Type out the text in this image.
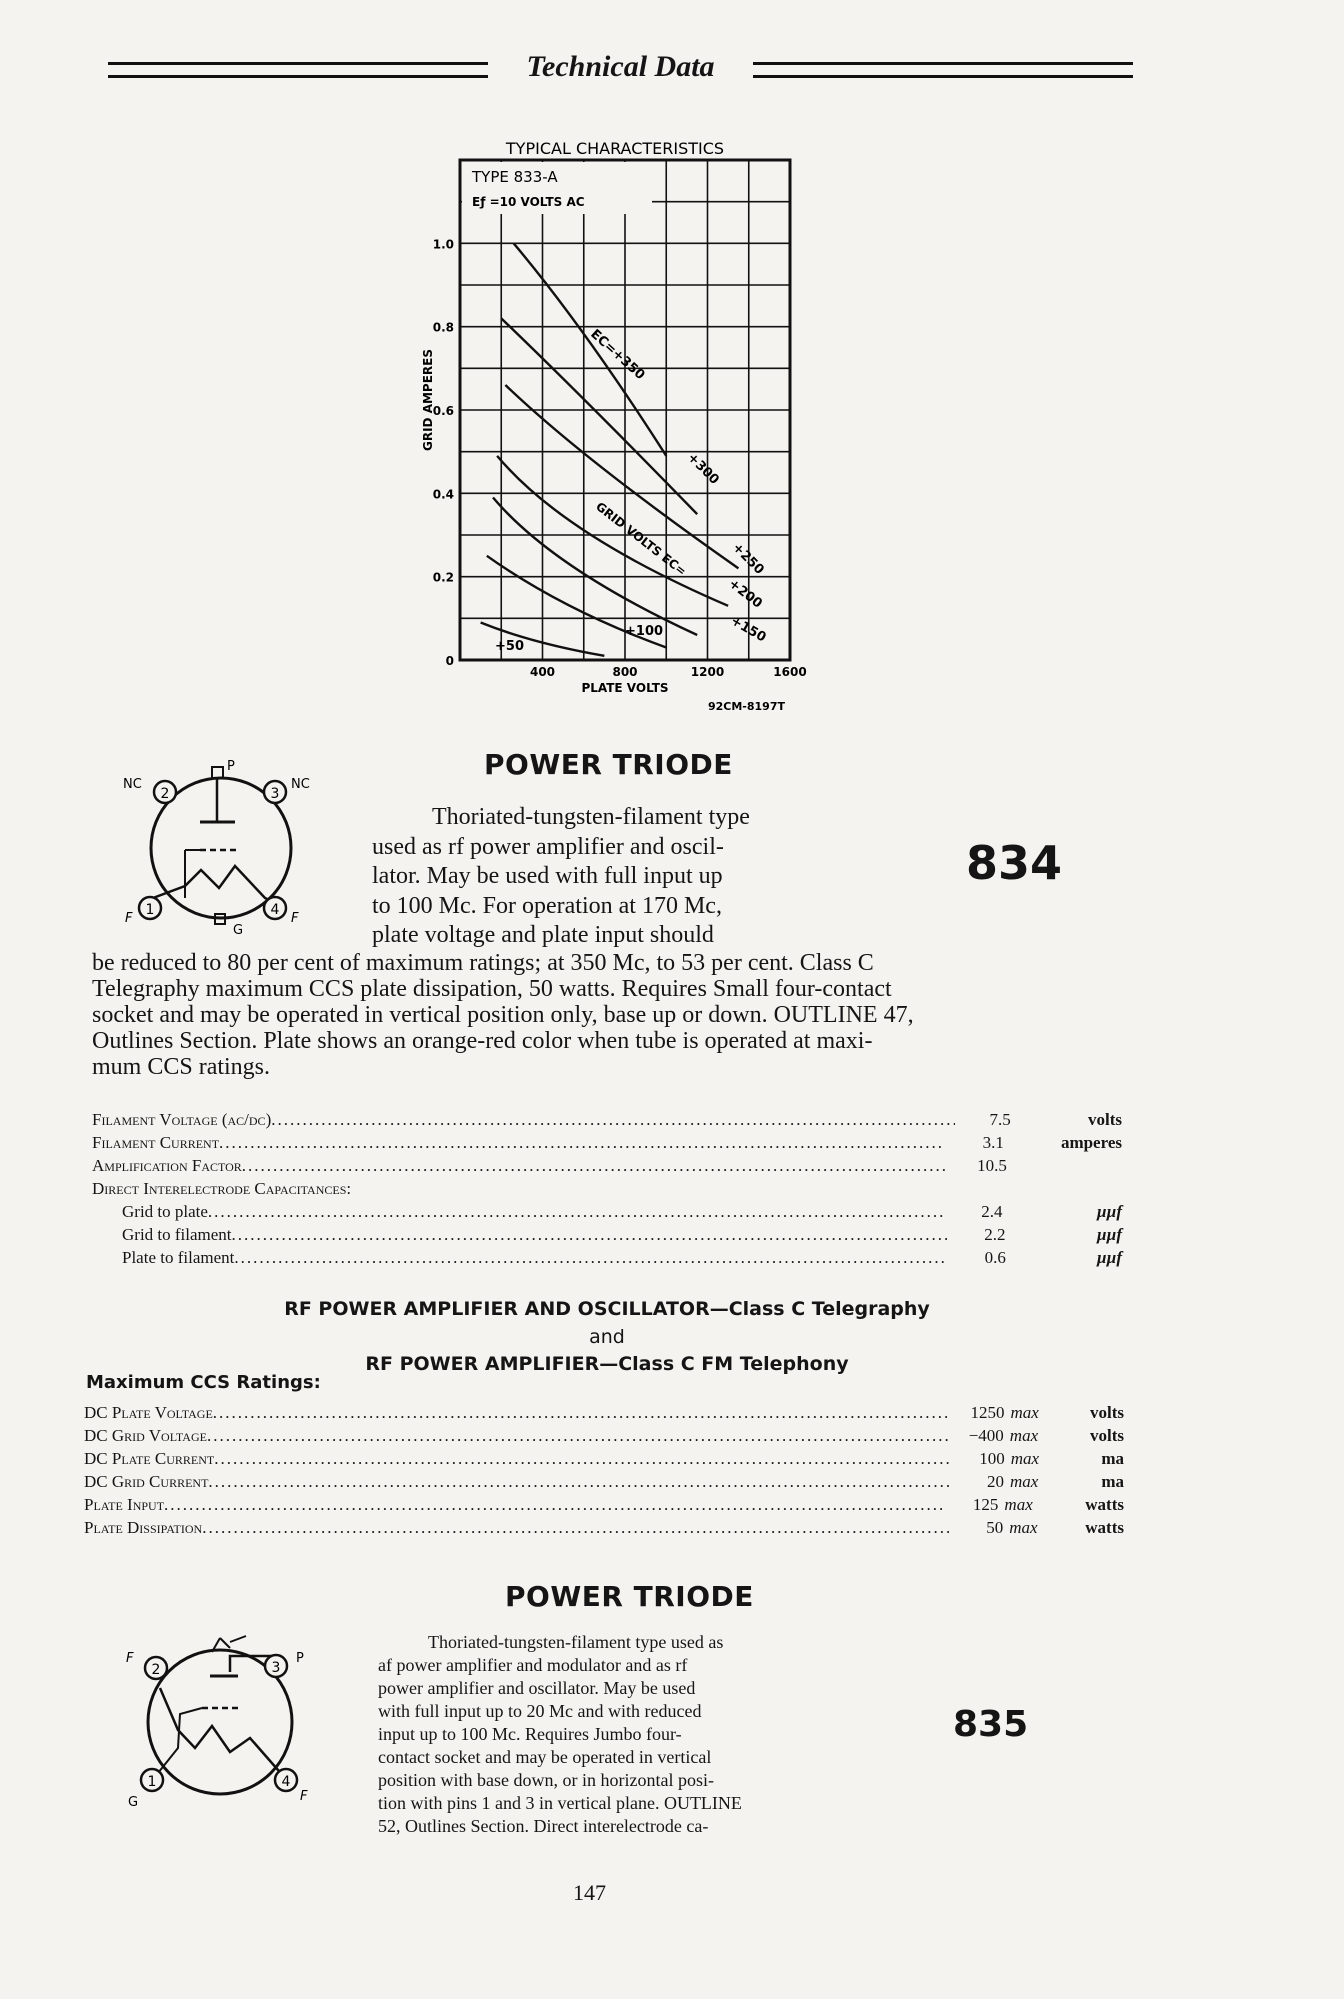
Technical Data
TYPICAL CHARACTERISTICS
TYPE 833-A
Eƒ =10 VOLTS AC
0
0.2
0.4
0.6
0.8
1.0
400	800	1200	1600
PLATE VOLTS
92CM-8197T
GRID AMPERES	EC=+350
+300
+250
+200
+150
+100
+50
GRID VOLTS EC=
POWER TRIODE
2	3
1	4
NC	NC
P
F	F
G
834
Thoriated-tungsten-filament type
used as rf power amplifier and oscil-
lator. May be used with full input up
to 100 Mc. For operation at 170 Mc,
plate voltage and plate input should
be reduced to 80 per cent of maximum ratings; at 350 Mc, to 53 per cent. Class C
Telegraphy maximum CCS plate dissipation, 50 watts. Requires Small four-contact
socket and may be operated in vertical position only, base up or down. OUTLINE 47,
Outlines Section. Plate shows an orange-red color when tube is operated at maxi-
mum CCS ratings.
Filament Voltage (ac/dc) .....	7.5	volts
Filament Current .....	3.1	amperes
Amplification Factor .....	10.5
Direct Interelectrode Capacitances:
Grid to plate .....	2.4	µµf
Grid to filament .....	2.2	µµf
Plate to filament .....	0.6	µµf
RF POWER AMPLIFIER AND OSCILLATOR—Class C Telegraphy
and
RF POWER AMPLIFIER—Class C FM Telephony
Maximum CCS Ratings:
DC Plate Voltage .....	1250 max	volts
DC Grid Voltage .....	−400 max	volts
DC Plate Current .....	100 max	ma
DC Grid Current .....	20 max	ma
Plate Input .....	125 max	watts
Plate Dissipation .....	50 max	watts
POWER TRIODE
2	3
1	4
F	P
G	F
835
Thoriated-tungsten-filament type used as
af power amplifier and modulator and as rf
power amplifier and oscillator. May be used
with full input up to 20 Mc and with reduced
input up to 100 Mc. Requires Jumbo four-
contact socket and may be operated in vertical
position with base down, or in horizontal posi-
tion with pins 1 and 3 in vertical plane. OUTLINE
52, Outlines Section. Direct interelectrode ca-
147
